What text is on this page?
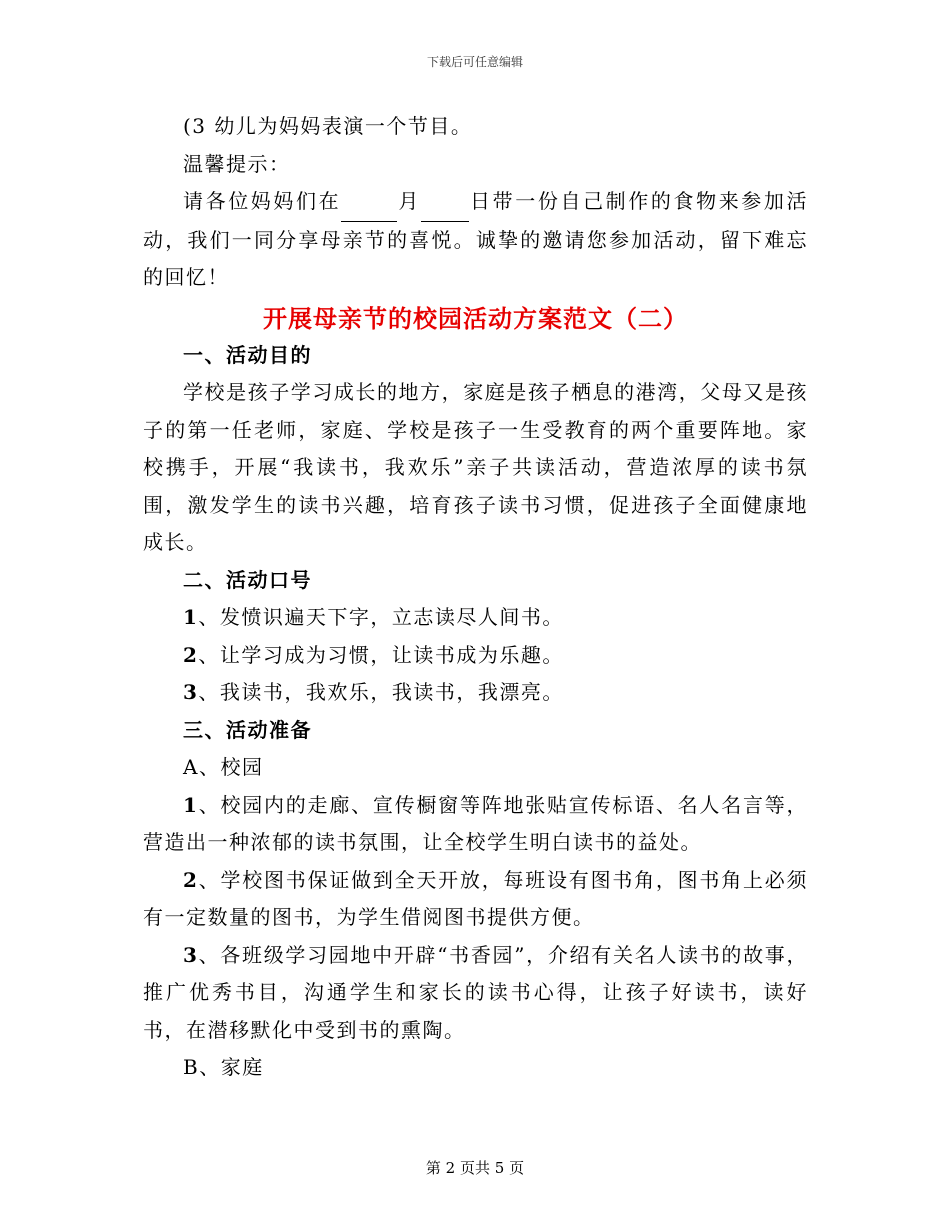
下载后可任意编辑

(3 幼儿为妈妈表演一个节目。

温馨提示：

请各位妈妈们在	月 日带一份自己制作的食物来参加活动，我们一同分享母亲节的喜悦。诚挚的邀请您参加活动，留下难忘的回忆！

开展母亲节的校园活动方案范文（二）
一、活动目的

学校是孩子学习成长的地方，家庭是孩子栖息的港湾，父母又是孩子的第一任老师，家庭、学校是孩子一生受教育的两个重要阵地。家校携手，开展“我读书，我欢乐”亲子共读活动，营造浓厚的读书氛围，激发学生的读书兴趣，培育孩子读书习惯，促进孩子全面健康地成长。

二、活动口号

1、发愤识遍天下字，立志读尽人间书。

2、让学习成为习惯，让读书成为乐趣。

3、我读书，我欢乐，我读书，我漂亮。

三、活动准备

A、校园

1、校园内的走廊、宣传橱窗等阵地张贴宣传标语、名人名言等，营造出一种浓郁的读书氛围，让全校学生明白读书的益处。

2、学校图书保证做到全天开放，每班设有图书角，图书角上必须有一定数量的图书，为学生借阅图书提供方便。

3、各班级学习园地中开辟“书香园”，介绍有关名人读书的故事，推广优秀书目，沟通学生和家长的读书心得，让孩子好读书，读好书，在潜移默化中受到书的熏陶。

B、家庭

第 2 页共 5 页
